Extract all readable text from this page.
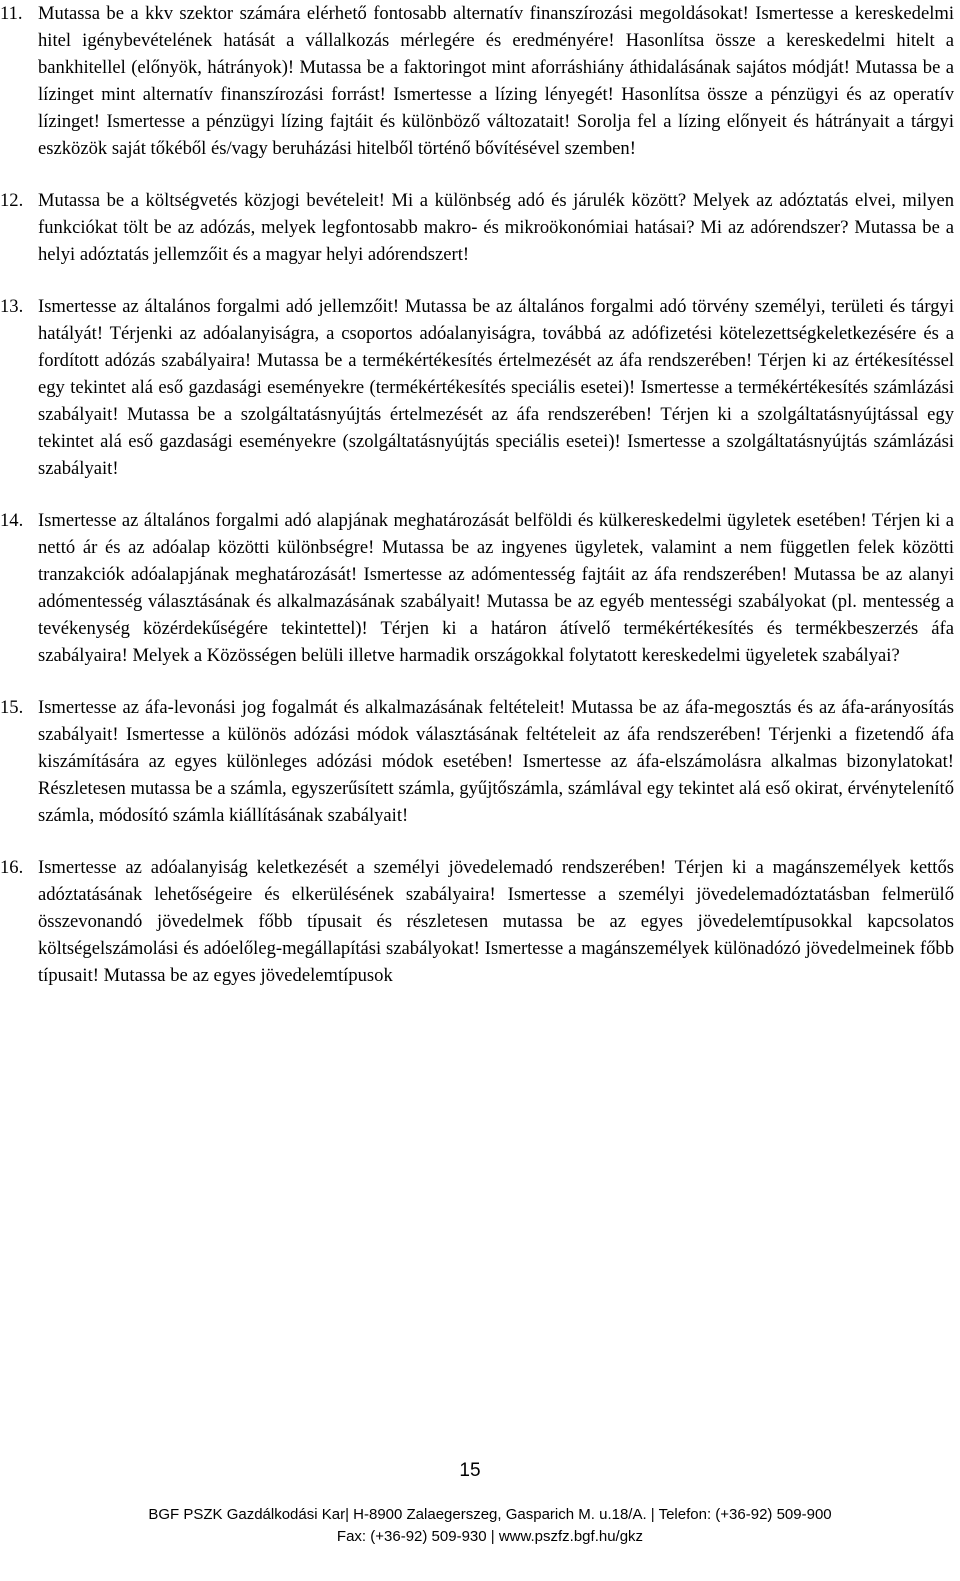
11. Mutassa be a kkv szektor számára elérhető fontosabb alternatív finanszírozási megoldásokat! Ismertesse a kereskedelmi hitel igénybevételének hatását a vállalkozás mérlegére és eredményére! Hasonlítsa össze a kereskedelmi hitelt a bankhitellel (előnyök, hátrányok)! Mutassa be a faktoringot mint aforráshiány áthidalásának sajátos módját! Mutassa be a lízinget mint alternatív finanszírozási forrást! Ismertesse a lízing lényegét! Hasonlítsa össze a pénzügyi és az operatív lízinget! Ismertesse a pénzügyi lízing fajtáit és különböző változatait! Sorolja fel a lízing előnyeit és hátrányait a tárgyi eszközök saját tőkéből és/vagy beruházási hitelből történő bővítésével szemben!
12. Mutassa be a költségvetés közjogi bevételeit! Mi a különbség adó és járulék között? Melyek az adóztatás elvei, milyen funkciókat tölt be az adózás, melyek legfontosabb makro- és mikroökonómiai hatásai? Mi az adórendszer? Mutassa be a helyi adóztatás jellemzőit és a magyar helyi adórendszert!
13. Ismertesse az általános forgalmi adó jellemzőit! Mutassa be az általános forgalmi adó törvény személyi, területi és tárgyi hatályát! Térjenki az adóalanyiságra, a csoportos adóalanyiságra, továbbá az adófizetési kötelezettségkeletkezésére és a fordított adózás szabályaira! Mutassa be a termékértékesítés értelmezését az áfa rendszerében! Térjen ki az értékesítéssel egy tekintet alá eső gazdasági eseményekre (termékértékesítés speciális esetei)! Ismertesse a termékértékesítés számlázási szabályait! Mutassa be a szolgáltatásnyújtás értelmezését az áfa rendszerében! Térjen ki a szolgáltatásnyújtással egy tekintet alá eső gazdasági eseményekre (szolgáltatásnyújtás speciális esetei)! Ismertesse a szolgáltatásnyújtás számlázási szabályait!
14. Ismertesse az általános forgalmi adó alapjának meghatározását belföldi és külkereskedelmi ügyletek esetében! Térjen ki a nettó ár és az adóalap közötti különbségre! Mutassa be az ingyenes ügyletek, valamint a nem független felek közötti tranzakciók adóalapjának meghatározását! Ismertesse az adómentesség fajtáit az áfa rendszerében! Mutassa be az alanyi adómentesség választásának és alkalmazásának szabályait! Mutassa be az egyéb mentességi szabályokat (pl. mentesség a tevékenység közérdekűségére tekintettel)! Térjen ki a határon átívelő termékértékesítés és termékbeszerzés áfa szabályaira! Melyek a Közösségen belüli illetve harmadik országokkal folytatott kereskedelmi ügyeletek szabályai?
15. Ismertesse az áfa-levonási jog fogalmát és alkalmazásának feltételeit! Mutassa be az áfa-megosztás és az áfa-arányosítás szabályait! Ismertesse a különös adózási módok választásának feltételeit az áfa rendszerében! Térjenki a fizetendő áfa kiszámítására az egyes különleges adózási módok esetében! Ismertesse az áfa-elszámolásra alkalmas bizonylatokat! Részletesen mutassa be a számla, egyszerűsített számla, gyűjtőszámla, számlával egy tekintet alá eső okirat, érvénytelenítő számla, módosító számla kiállításának szabályait!
16. Ismertesse az adóalanyiság keletkezését a személyi jövedelemadó rendszerében! Térjen ki a magánszemélyek kettős adóztatásának lehetőségeire és elkerülésének szabályaira! Ismertesse a személyi jövedelemadóztatásban felmerülő összevonandó jövedelmek főbb típusait és részletesen mutassa be az egyes jövedelemtípusokkal kapcsolatos költségelszámolási és adóelőleg-megállapítási szabályokat! Ismertesse a magánszemélyek különadózó jövedelmeinek főbb típusait! Mutassa be az egyes jövedelemtípusok
15
BGF PSZK Gazdálkodási Kar| H-8900 Zalaegerszeg, Gasparich M. u.18/A. | Telefon: (+36-92) 509-900
Fax: (+36-92) 509-930 | www.pszfz.bgf.hu/gkz
